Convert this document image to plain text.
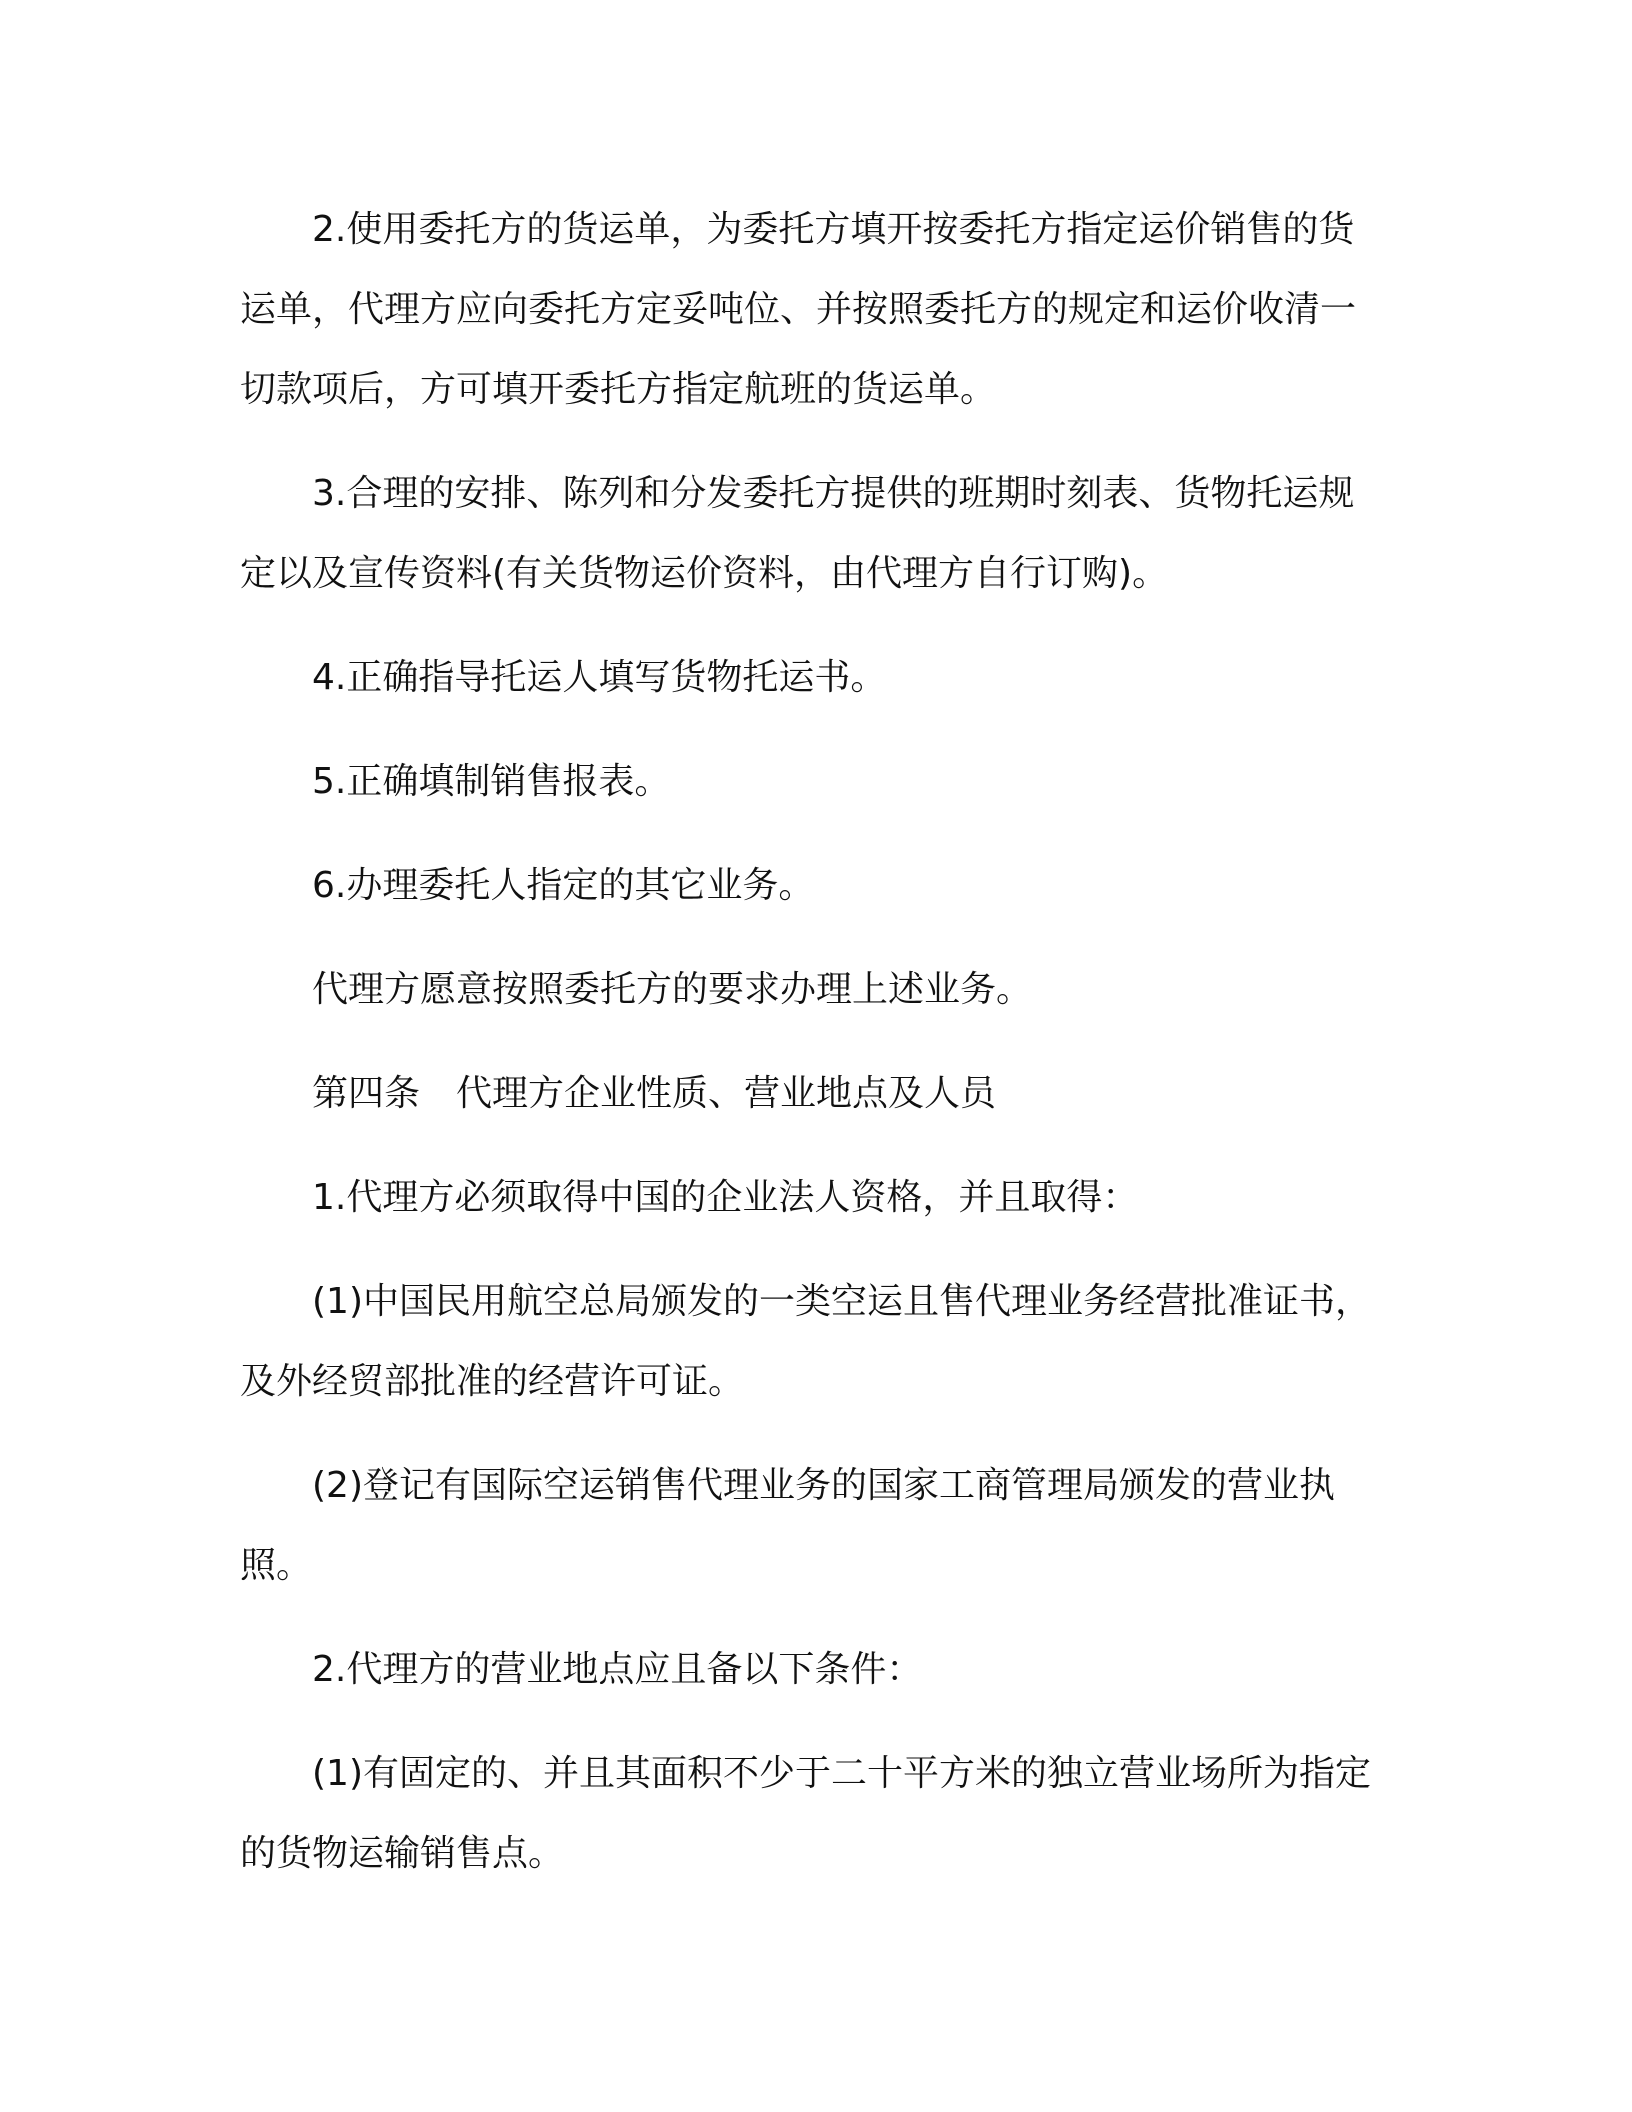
2.使用委托方的货运单，为委托方填开按委托方指定运价销售的货运单，代理方应向委托方定妥吨位、并按照委托方的规定和运价收清一切款项后，方可填开委托方指定航班的货运单。

3.合理的安排、陈列和分发委托方提供的班期时刻表、货物托运规定以及宣传资料(有关货物运价资料，由代理方自行订购)。

4.正确指导托运人填写货物托运书。

5.正确填制销售报表。

6.办理委托人指定的其它业务。

代理方愿意按照委托方的要求办理上述业务。

第四条　代理方企业性质、营业地点及人员

1.代理方必须取得中国的企业法人资格，并且取得：

(1)中国民用航空总局颁发的一类空运且售代理业务经营批准证书，及外经贸部批准的经营许可证。

(2)登记有国际空运销售代理业务的国家工商管理局颁发的营业执照。

2.代理方的营业地点应且备以下条件：

(1)有固定的、并且其面积不少于二十平方米的独立营业场所为指定的货物运输销售点。
